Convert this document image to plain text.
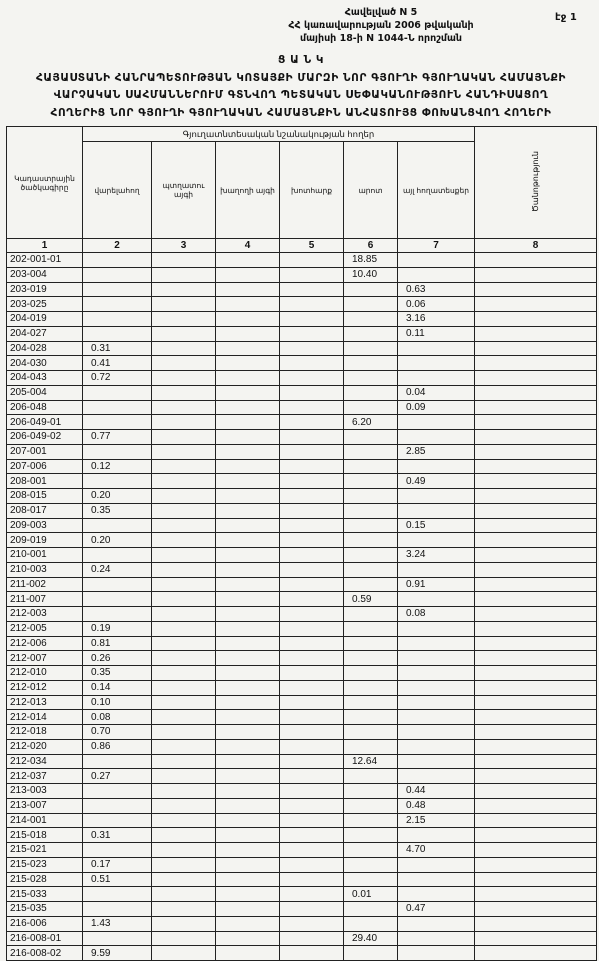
Հավելված N 5
ՀՀ կառավարության 2006 թվականի
մայիսի 18-ի N 1044-Ն որոշման
էջ 1
Ց Ա Ն Կ
ՀԱՅԱՍՏԱՆԻ ՀԱՆՐԱՊԵՏՈՒԹՅԱՆ ԿՈՏԱՅՔԻ ՄԱՐԶԻ ՆՈՐ ԳՅՈՒՂԻ ԳՅՈՒՂԱԿԱՆ ՀԱՄԱՅՆՔԻ
ՎԱՐՉԱԿԱՆ ՍԱՀՄԱՆՆԵՐՈՒՄ ԳՏՆՎՈՂ ՊԵՏԱԿԱՆ ՍԵՓԱԿԱՆՈՒԹՅՈՒՆ ՀԱՆԴԻՍԱՑՈՂ
ՀՈՂԵՐԻՑ ՆՈՐ ԳՅՈՒՂԻ ԳՅՈՒՂԱԿԱՆ ՀԱՄԱՅՆՔԻՆ ԱՆՀԱՏՈՒՅՑ ՓՈԽԱՆՑՎՈՂ ՀՈՂԵՐԻ
Կադաստրային ծածկագիրը	Գյուղատնտեսական նշանակության հողեր						Ծանոթություն
	վարելահող	պտղատու այգի	խաղողի այգի	խոտհարք	արոտ	այլ հողատեսքեր	
1	2	3	4	5	6	7	8
202-001-01					18.85		
203-004					10.40		
203-019						0.63	
203-025						0.06	
204-019						3.16	
204-027						0.11	
204-028	0.31						
204-030	0.41						
204-043	0.72						
205-004						0.04	
206-048						0.09	
206-049-01					6.20		
206-049-02	0.77						
207-001						2.85	
207-006	0.12						
208-001						0.49	
208-015	0.20						
208-017	0.35						
209-003						0.15	
209-019	0.20						
210-001						3.24	
210-003	0.24						
211-002						0.91	
211-007					0.59		
212-003						0.08	
212-005	0.19						
212-006	0.81						
212-007	0.26						
212-010	0.35						
212-012	0.14						
212-013	0.10						
212-014	0.08						
212-018	0.70						
212-020	0.86						
212-034					12.64		
212-037	0.27						
213-003						0.44	
213-007						0.48	
214-001						2.15	
215-018	0.31						
215-021						4.70	
215-023	0.17						
215-028	0.51						
215-033					0.01		
215-035						0.47	
216-006	1.43						
216-008-01					29.40		
216-008-02	9.59						
